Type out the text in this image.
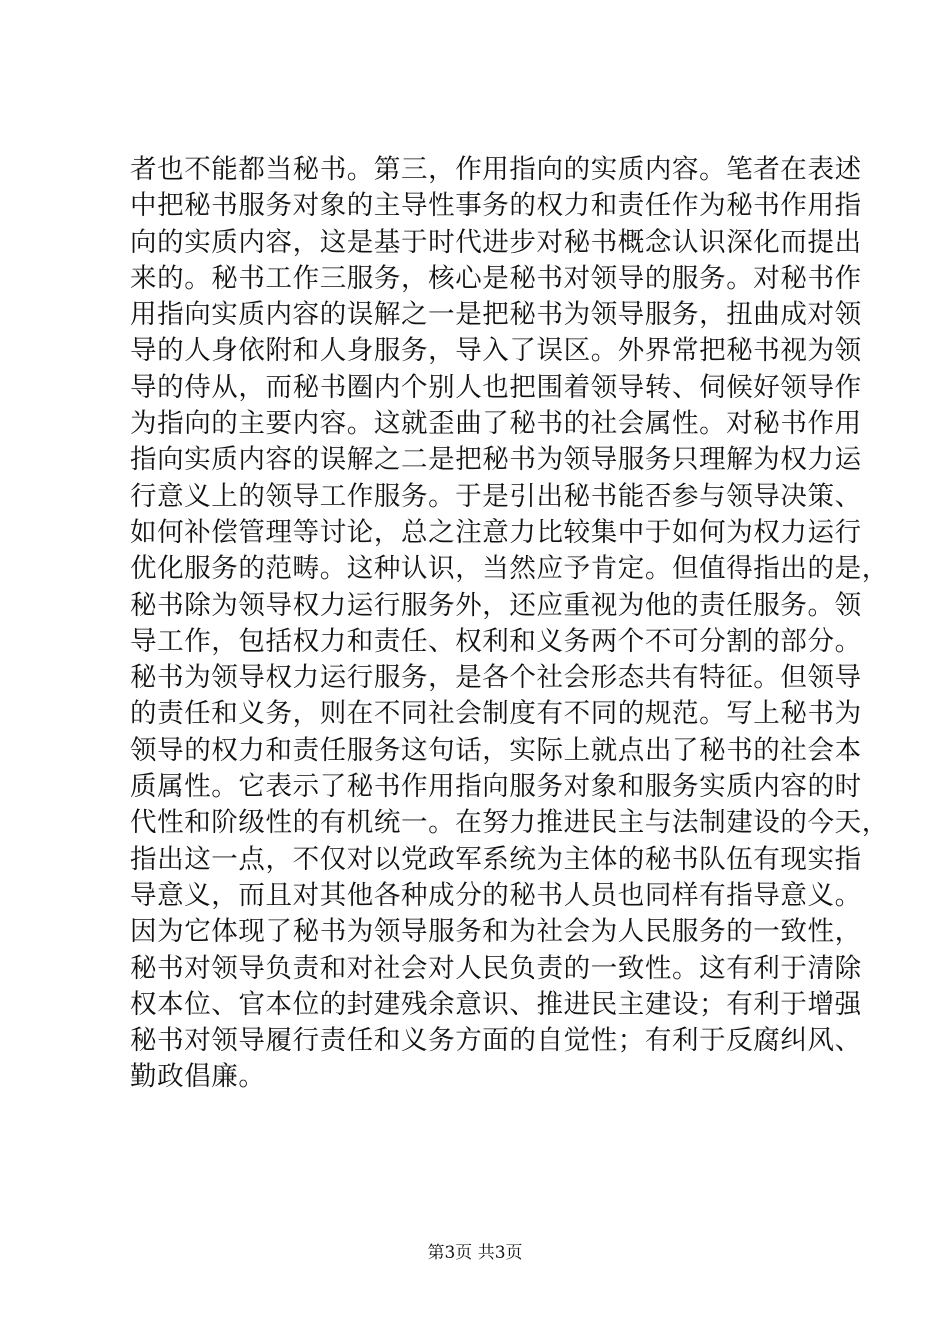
者也不能都当秘书。第三，作用指向的实质内容。笔者在表述
中把秘书服务对象的主导性事务的权力和责任作为秘书作用指
向的实质内容，这是基于时代进步对秘书概念认识深化而提出
来的。秘书工作三服务，核心是秘书对领导的服务。对秘书作
用指向实质内容的误解之一是把秘书为领导服务，扭曲成对领
导的人身依附和人身服务，导入了误区。外界常把秘书视为领
导的侍从，而秘书圈内个别人也把围着领导转、伺候好领导作
为指向的主要内容。这就歪曲了秘书的社会属性。对秘书作用
指向实质内容的误解之二是把秘书为领导服务只理解为权力运
行意义上的领导工作服务。于是引出秘书能否参与领导决策、
如何补偿管理等讨论，总之注意力比较集中于如何为权力运行
优化服务的范畴。这种认识，当然应予肯定。但值得指出的是，
秘书除为领导权力运行服务外，还应重视为他的责任服务。领
导工作，包括权力和责任、权利和义务两个不可分割的部分。
秘书为领导权力运行服务，是各个社会形态共有特征。但领导
的责任和义务，则在不同社会制度有不同的规范。写上秘书为
领导的权力和责任服务这句话，实际上就点出了秘书的社会本
质属性。它表示了秘书作用指向服务对象和服务实质内容的时
代性和阶级性的有机统一。在努力推进民主与法制建设的今天，
指出这一点，不仅对以党政军系统为主体的秘书队伍有现实指
导意义，而且对其他各种成分的秘书人员也同样有指导意义。
因为它体现了秘书为领导服务和为社会为人民服务的一致性，
秘书对领导负责和对社会对人民负责的一致性。这有利于清除
权本位、官本位的封建残余意识、推进民主建设；有利于增强
秘书对领导履行责任和义务方面的自觉性；有利于反腐纠风、
勤政倡廉。
第3页 共3页
